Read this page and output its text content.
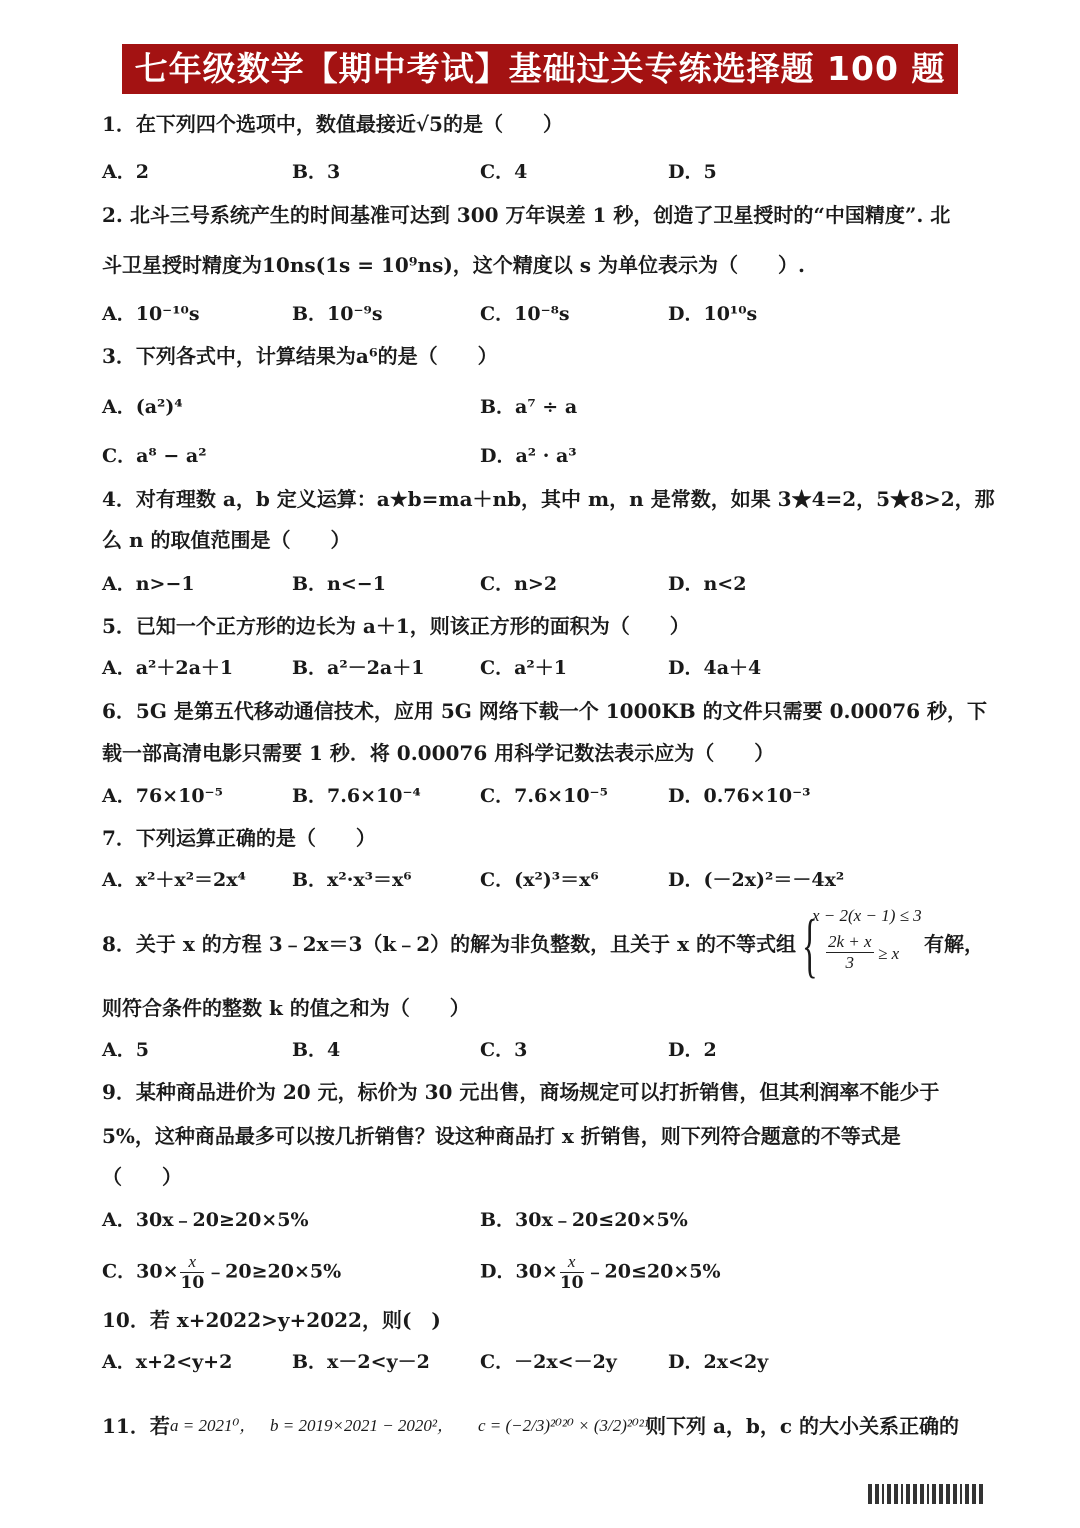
七年级数学【期中考试】基础过关专练选择题 100 题
1．在下列四个选项中，数值最接近√5的是（　　）
A．2	B．3	C．4	D．5
2. 北斗三号系统产生的时间基准可达到 300 万年误差 1 秒，创造了卫星授时的“中国精度”. 北
斗卫星授时精度为10ns(1s = 10⁹ns)，这个精度以 s 为单位表示为（　　）.
A．10⁻¹⁰s	B．10⁻⁹s	C．10⁻⁸s	D．10¹⁰s
3．下列各式中，计算结果为a⁶的是（　　）
A．(a²)⁴	B．a⁷ ÷ a
C．a⁸ − a²	D．a² · a³
4．对有理数 a，b 定义运算：a★b=ma＋nb，其中 m，n 是常数，如果 3★4=2，5★8>2，那
么 n 的取值范围是（　　）
A．n>−1	B．n<−1	C．n>2	D．n<2
5．已知一个正方形的边长为 a＋1，则该正方形的面积为（　　）
A．a²＋2a＋1	B．a²－2a＋1	C．a²＋1	D．4a＋4
6．5G 是第五代移动通信技术，应用 5G 网络下载一个 1000KB 的文件只需要 0.00076 秒，下
载一部高清电影只需要 1 秒．将 0.00076 用科学记数法表示应为（　　）
A．76×10⁻⁵	B．7.6×10⁻⁴	C．7.6×10⁻⁵	D．0.76×10⁻³
7．下列运算正确的是（　　）
A．x²＋x²＝2x⁴ B．x²·x³＝x⁶	C．(x²)³＝x⁶	D．(－2x)²＝－4x²
8．关于 x 的方程 3﹣2x＝3（k﹣2）的解为非负整数，且关于 x 的不等式组 {
x − 2(x − 1) ≤ 3
$\frac{2k + x}{3} \ge x$ 有解，
则符合条件的整数 k 的值之和为（　　）
A．5	B．4	C．3	D．2
9．某种商品进价为 20 元，标价为 30 元出售，商场规定可以打折销售，但其利润率不能少于
5%，这种商品最多可以按几折销售？设这种商品打 x 折销售，则下列符合题意的不等式是
（　　）
A．30x﹣20≥20×5%	B．30x﹣20≤20×5%
C．$30\times \frac{x}{10}$ ﹣20≥20×5%	D．$30\times \frac{x}{10}$ ﹣20≤20×5%
10．若 x+2022>y+2022，则(　)
A．x+2<y+2	B．x－2<y－2	C．－2x<－2y	D．2x<2y
11．若 a = 2021⁰， b = 2019×2021 − 2020²， c = (−2/3)²⁰²⁰ × (3/2)²⁰²¹
则下列 a，b，c 的大小关系正确的
